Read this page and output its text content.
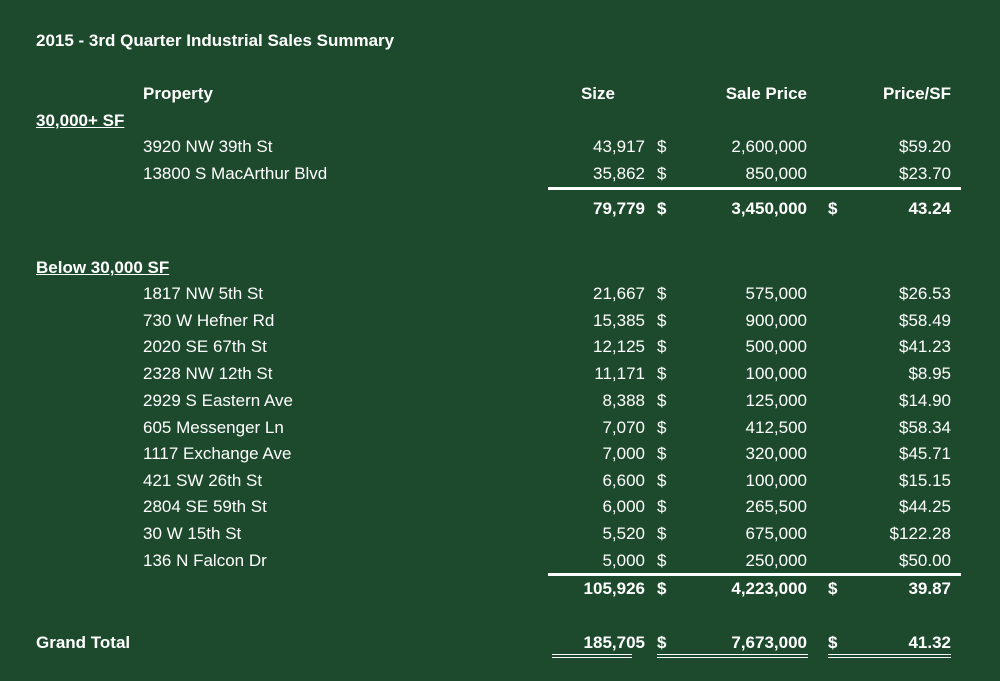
2015 - 3rd Quarter Industrial Sales Summary
Property	Size	Sale Price	Price/SF
30,000+ SF
3920 NW 39th St	43,917 $	2,600,000	$59.20
13800 S MacArthur Blvd	35,862 $	850,000	$23.70
79,779 $	3,450,000 $	43.24
Below 30,000 SF
1817 NW 5th St	21,667 $	575,000	$26.53
730 W Hefner Rd	15,385 $	900,000	$58.49
2020 SE 67th St	12,125 $	500,000	$41.23
2328 NW 12th St	11,171 $	100,000	$8.95
2929 S Eastern Ave	8,388 $	125,000	$14.90
605 Messenger Ln	7,070 $	412,500	$58.34
1117 Exchange Ave	7,000 $	320,000	$45.71
421 SW 26th St	6,600 $	100,000	$15.15
2804 SE 59th St	6,000 $	265,500	$44.25
30 W 15th St	5,520 $	675,000	$122.28
136 N Falcon Dr	5,000 $	250,000	$50.00
105,926 $	4,223,000 $	39.87
Grand Total	185,705 $	7,673,000 $	41.32
